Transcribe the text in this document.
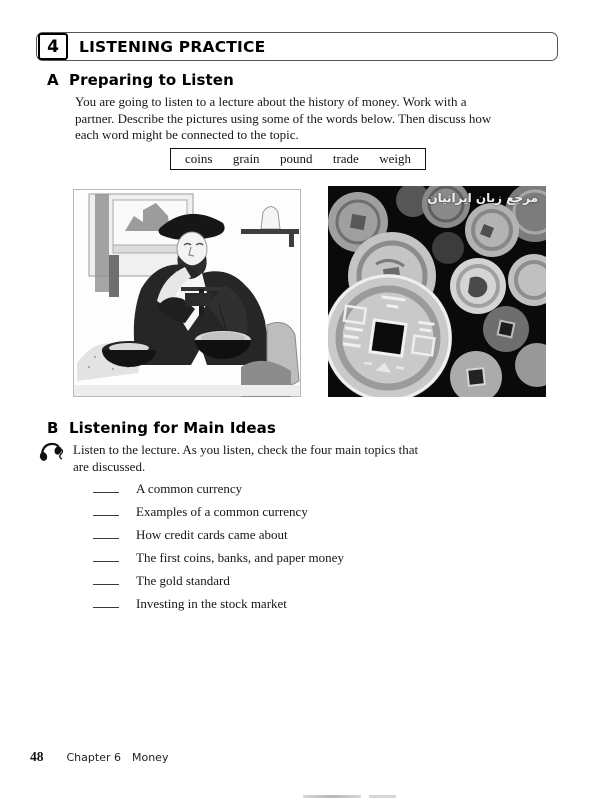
4	LISTENING PRACTICE
A Preparing to Listen
You are going to listen to a lecture about the history of money. Work with a
partner. Describe the pictures using some of the words below. Then discuss how
each word might be connected to the topic.
coins grain pound trade weigh
مرجع زبان ایرانیان
B Listening for Main Ideas
Listen to the lecture. As you listen, check the four main topics that
are discussed.
A common currency
Examples of a common currency
How credit cards came about
The first coins, banks, and paper money
The gold standard
Investing in the stock market
48 Chapter 6 Money
